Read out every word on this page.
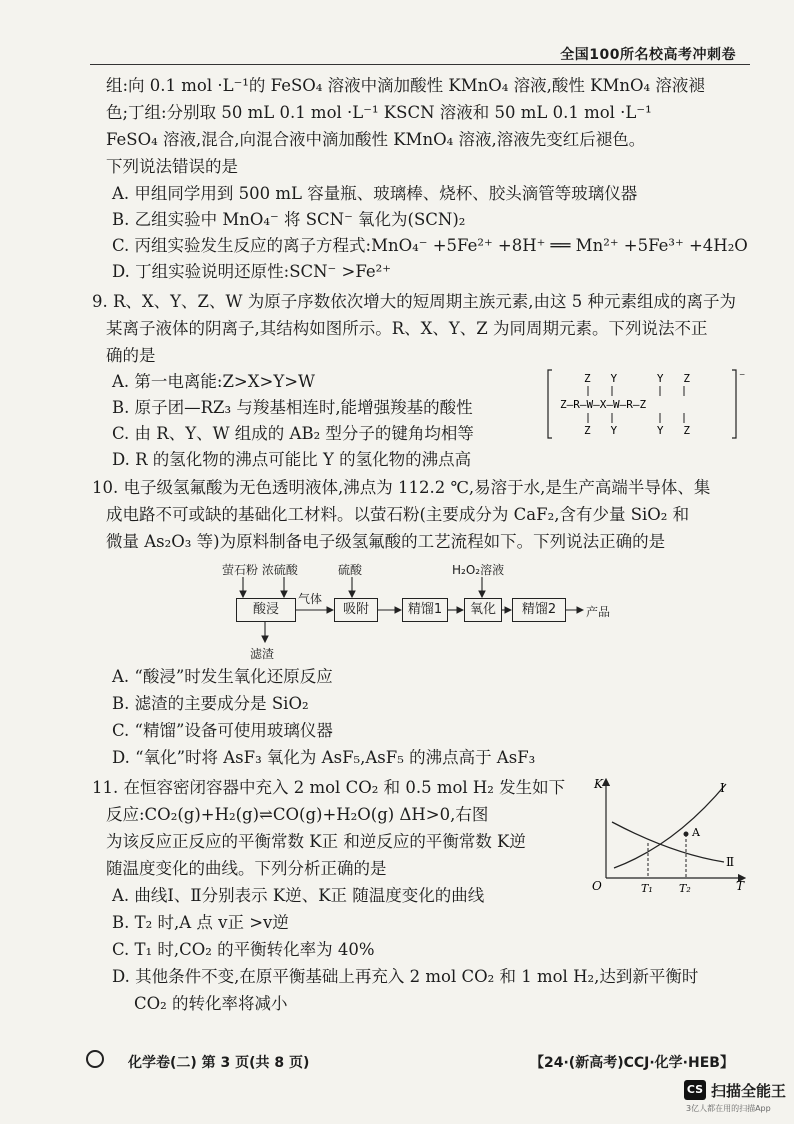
全国100所名校高考冲刺卷
组:向 0.1 mol ·L⁻¹的 FeSO₄ 溶液中滴加酸性 KMnO₄ 溶液,酸性 KMnO₄ 溶液褪
色;丁组:分别取 50 mL 0.1 mol ·L⁻¹ KSCN 溶液和 50 mL 0.1 mol ·L⁻¹
FeSO₄ 溶液,混合,向混合液中滴加酸性 KMnO₄ 溶液,溶液先变红后褪色。
下列说法错误的是
A. 甲组同学用到 500 mL 容量瓶、玻璃棒、烧杯、胶头滴管等玻璃仪器
B. 乙组实验中 MnO₄⁻ 将 SCN⁻ 氧化为(SCN)₂
C. 丙组实验发生反应的离子方程式:MnO₄⁻ +5Fe²⁺ +8H⁺ ══ Mn²⁺ +5Fe³⁺ +4H₂O
D. 丁组实验说明还原性:SCN⁻ >Fe²⁺
9. R、X、Y、Z、W 为原子序数依次增大的短周期主族元素,由这 5 种元素组成的离子为
某离子液体的阴离子,其结构如图所示。R、X、Y、Z 为同周期元素。下列说法不正
确的是
A. 第一电离能:Z>X>Y>W
B. 原子团—RZ₃ 与羧基相连时,能增强羧基的酸性
C. 由 R、Y、W 组成的 AB₂ 型分子的键角均相等
D. R 的氢化物的沸点可能比 Y 的氢化物的沸点高
⁻
Z   Y      Y   Z
Z—R—W—X—W—R—Z
Z   Y      Y   Z
10. 电子级氢氟酸为无色透明液体,沸点为 112.2 ℃,易溶于水,是生产高端半导体、集
成电路不可或缺的基础化工材料。以萤石粉(主要成分为 CaF₂,含有少量 SiO₂ 和
微量 As₂O₃ 等)为原料制备电子级氢氟酸的工艺流程如下。下列说法正确的是
萤石粉 浓硫酸	硫酸	H₂O₂溶液
酸浸
气体
吸附	精馏1	氧化	精馏2	产品
滤渣
A. “酸浸”时发生氧化还原反应
B. 滤渣的主要成分是 SiO₂
C. “精馏”设备可使用玻璃仪器
D. “氧化”时将 AsF₃ 氧化为 AsF₅,AsF₅ 的沸点高于 AsF₃
11. 在恒容密闭容器中充入 2 mol CO₂ 和 0.5 mol H₂ 发生如下
反应:CO₂(g)+H₂(g)⇌CO(g)+H₂O(g) ΔH>0,右图
为该反应正反应的平衡常数 K正 和逆反应的平衡常数 K逆
随温度变化的曲线。下列分析正确的是
A. 曲线Ⅰ、Ⅱ分别表示 K逆、K正 随温度变化的曲线
B. T₂ 时,A 点 v正 >v逆
C. T₁ 时,CO₂ 的平衡转化率为 40%
D. 其他条件不变,在原平衡基础上再充入 2 mol CO₂ 和 1 mol H₂,达到新平衡时
CO₂ 的转化率将减小
K
T
O
I
Ⅱ
A
T₁ T₂
化学卷(二) 第 3 页(共 8 页)	【24·(新高考)CCJ·化学·HEB】
CS 扫描全能王
3亿人都在用的扫描App
